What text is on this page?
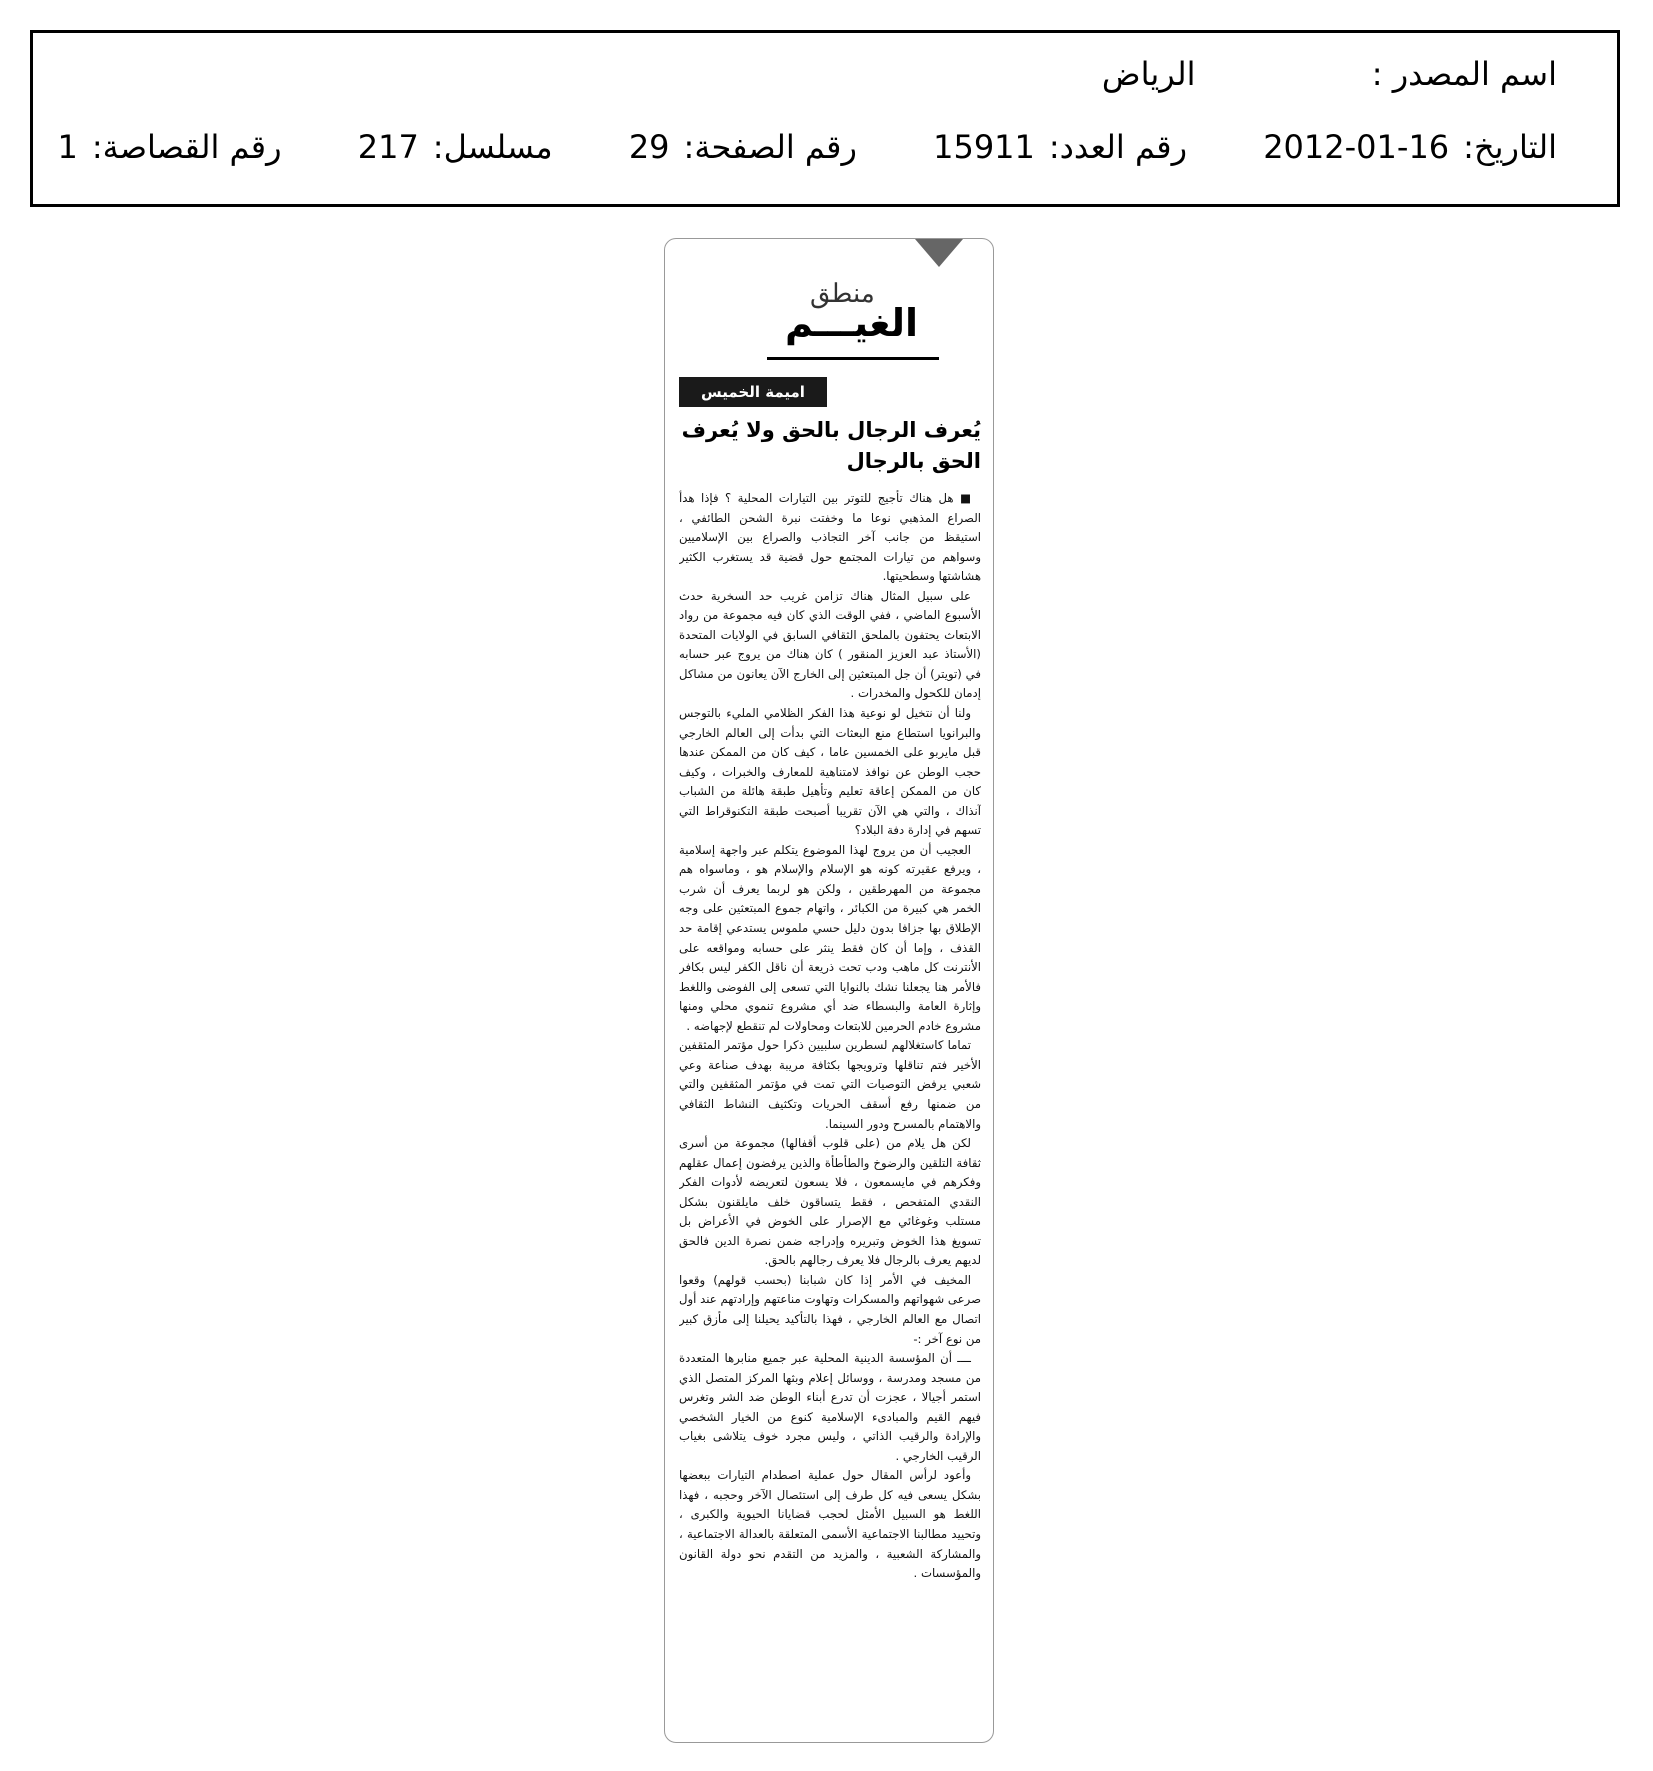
اسم المصدر : الرياض
التاريخ:2012-01-16 رقم العدد:15911 رقم الصفحة:29 مسلسل:217 رقم القصاصة:1
منطق
الغيـــم
اميمة الخميس
يُعرف الرجال بالحق ولا يُعرف الحق بالرجال

■ هل هناك تأجيج للتوتر بين التيارات المحلية ؟ فإذا هدأ الصراع المذهبي نوعا ما وخفتت نبرة الشحن الطائفي ، استيقظ من جانب آخر التجاذب والصراع بين الإسلاميين وسواهم من تيارات المجتمع حول قضية قد يستغرب الكثير هشاشتها وسطحيتها.

على سبيل المثال هناك تزامن غريب حد السخرية حدث الأسبوع الماضي ، ففي الوقت الذي كان فيه مجموعة من رواد الابتعاث يحتفون بالملحق الثقافي السابق في الولايات المتحدة (الأستاذ عبد العزيز المنقور ) كان هناك من يروج عبر حسابه في (تويتر) أن جل المبتعثين إلى الخارج الآن يعانون من مشاكل إدمان للكحول والمخدرات .

ولنا أن نتخيل لو نوعية هذا الفكر الظلامي المليء بالتوجس والبرانويا استطاع منع البعثات التي بدأت إلى العالم الخارجي قبل مايربو على الخمسين عاما ، كيف كان من الممكن عندها حجب الوطن عن نوافذ لامتناهية للمعارف والخبرات ، وكيف كان من الممكن إعاقة تعليم وتأهيل طبقة هائلة من الشباب آنذاك ، والتي هي الآن تقريبا أصبحت طبقة التكنوقراط التي تسهم في إدارة دفة البلاد؟

العجيب أن من يروج لهذا الموضوع يتكلم عبر واجهة إسلامية ، ويرفع عقيرته كونه هو الإسلام والإسلام هو ، وماسواه هم مجموعة من المهرطقين ، ولكن هو لربما يعرف أن شرب الخمر هي كبيرة من الكبائر ، واتهام جموع المبتعثين على وجه الإطلاق بها جزافا بدون دليل حسي ملموس يستدعي إقامة حد القذف ، وإما أن كان فقط ينثر على حسابه ومواقعه على الأنترنت كل ماهب ودب تحت ذريعة أن ناقل الكفر ليس بكافر فالأمر هنا يجعلنا نشك بالنوايا التي تسعى إلى الفوضى واللغط وإثارة العامة والبسطاء ضد أي مشروع تنموي محلي ومنها مشروع خادم الحرمين للابتعاث ومحاولات لم تنقطع لإجهاضه .

تماما كاستغلالهم لسطرين سلبيين ذكرا حول مؤتمر المثقفين الأخير فتم تناقلها وترويجها بكثافة مريبة بهدف صناعة وعي شعبي يرفض التوصيات التي تمت في مؤتمر المثقفين والتي من ضمنها رفع أسقف الحريات وتكثيف النشاط الثقافي والاهتمام بالمسرح ودور السينما.

لكن هل يلام من (على قلوب أقفالها) مجموعة من أسرى ثقافة التلقين والرضوخ والطأطأة والذين يرفضون إعمال عقلهم وفكرهم في مايسمعون ، فلا يسعون لتعريضه لأدوات الفكر النقدي المتفحص ، فقط يتساقون خلف مايلقنون بشكل مستلب وغوغائي مع الإصرار على الخوض في الأعراض بل تسويغ هذا الخوض وتبريره وإدراجه ضمن نصرة الدين فالحق لديهم يعرف بالرجال فلا يعرف رجالهم بالحق.

المخيف في الأمر إذا كان شبابنا (بحسب قولهم) وقعوا صرعى شهواتهم والمسكرات وتهاوت مناعتهم وإرادتهم عند أول اتصال مع العالم الخارجي ، فهذا بالتأكيد يحيلنا إلى مأزق كبير من نوع آخر :-

ــــ أن المؤسسة الدينية المحلية عبر جميع منابرها المتعددة من مسجد ومدرسة ، ووسائل إعلام وبثها المركز المتصل الذي استمر أجيالا ، عجزت أن تدرع أبناء الوطن ضد الشر وتغرس فيهم القيم والمبادىء الإسلامية كنوع من الخيار الشخصي والإرادة والرقيب الذاتي ، وليس مجرد خوف يتلاشى بغياب الرقيب الخارجي .

وأعود لرأس المقال حول عملية اصطدام التيارات ببعضها بشكل يسعى فيه كل طرف إلى استئصال الآخر وحجبه ، فهذا اللغط هو السبيل الأمثل لحجب قضايانا الحيوية والكبرى ، وتحييد مطالبنا الاجتماعية الأسمى المتعلقة بالعدالة الاجتماعية ، والمشاركة الشعبية ، والمزيد من التقدم نحو دولة القانون والمؤسسات .
